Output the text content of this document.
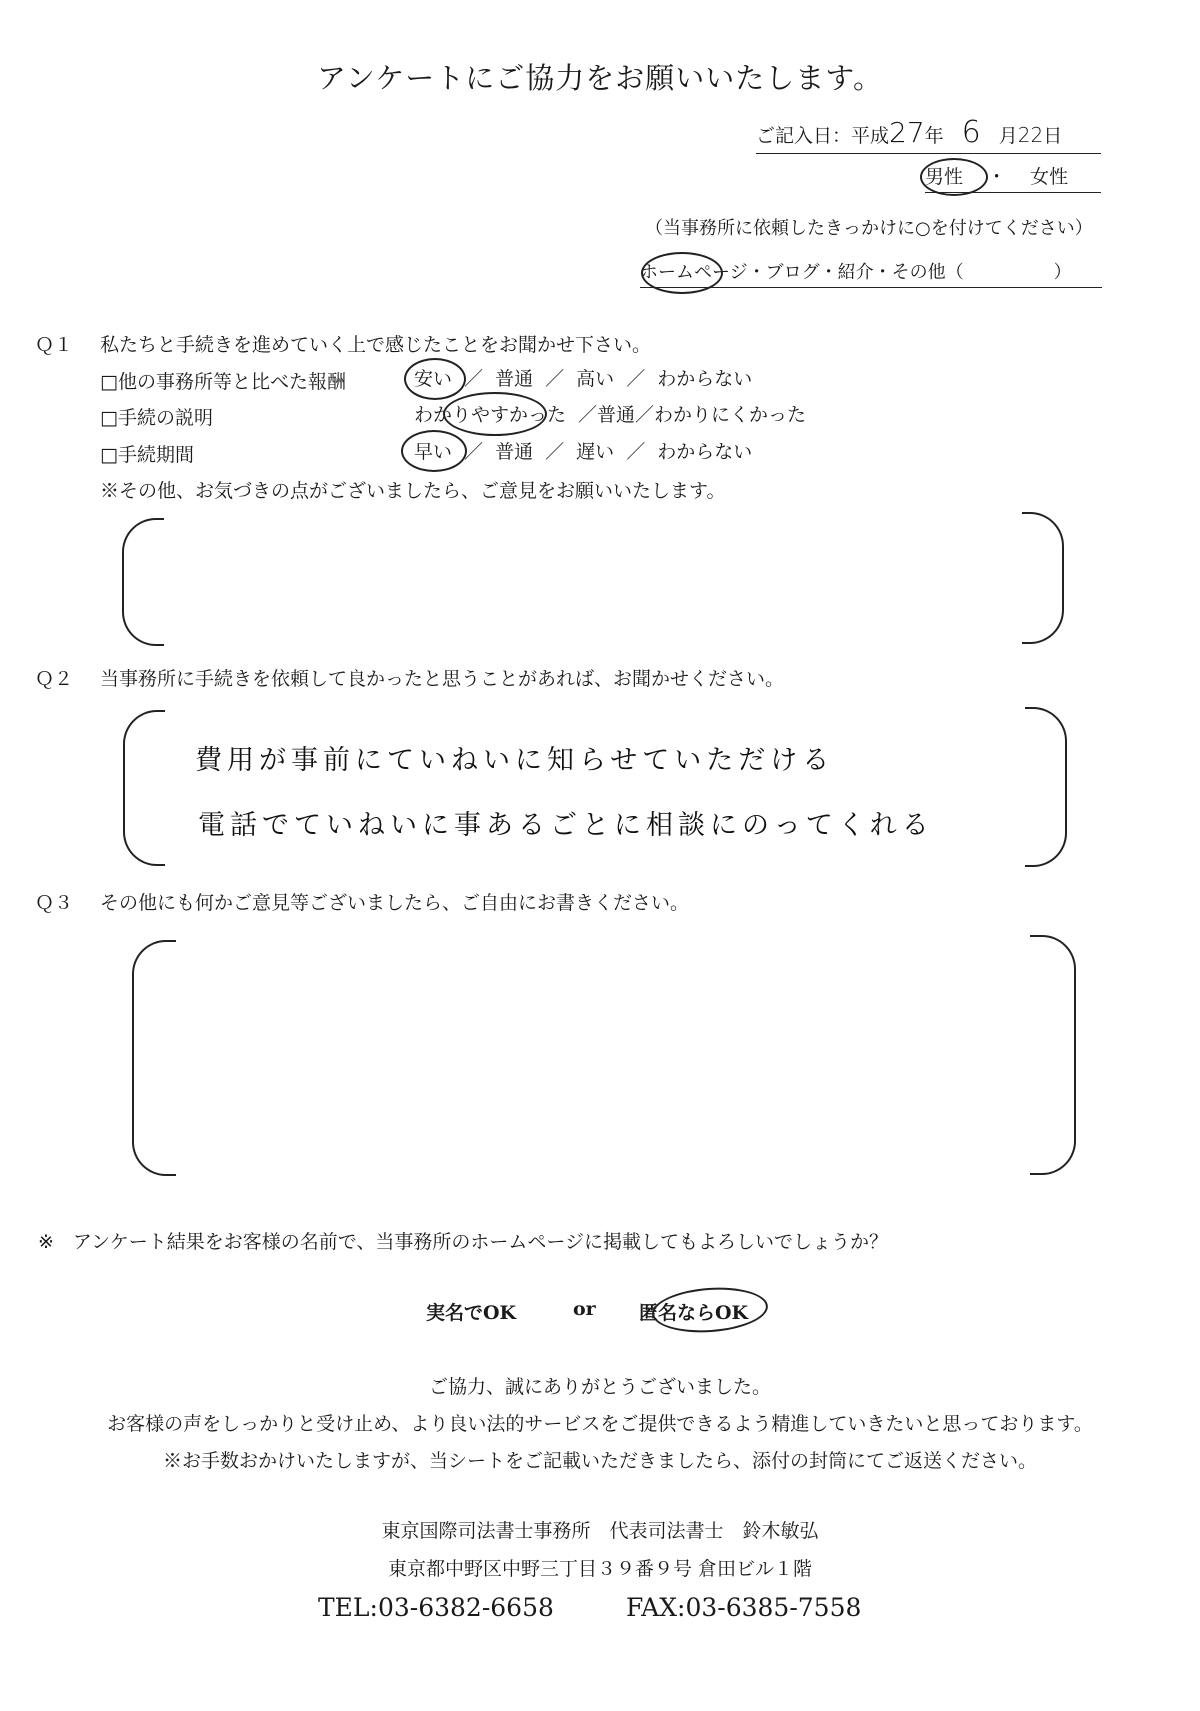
アンケートにご協力をお願いいたします。
ご記入日：平成27年 6 月22日
男性 ・ 女性
（当事務所に依頼したきっかけに○を付けてください）
ホームページ・ブログ・紹介・その他（　　　　　）
Ｑ１ 私たちと手続きを進めていく上で感じたことをお聞かせ下さい。
□他の事務所等と比べた報酬	安い ／ 普通 ／ 高い ／ わからない
□手続の説明	わかりやすかった ／普通／わかりにくかった
□手続期間	早い ／ 普通 ／ 遅い ／ わからない
※その他、お気づきの点がございましたら、ご意見をお願いいたします。
Ｑ２ 当事務所に手続きを依頼して良かったと思うことがあれば、お聞かせください。
費用が事前にていねいに知らせていただける
電話でていねいに事あるごとに相談にのってくれる
Ｑ３ その他にも何かご意見等ございましたら、ご自由にお書きください。
※　アンケート結果をお客様の名前で、当事務所のホームページに掲載してもよろしいでしょうか？
実名でOK	or 匿名ならOK
ご協力、誠にありがとうございました。
お客様の声をしっかりと受け止め、より良い法的サービスをご提供できるよう精進していきたいと思っております。
※お手数おかけいたしますが、当シートをご記載いただきましたら、添付の封筒にてご返送ください。
東京国際司法書士事務所　代表司法書士　鈴木敏弘
東京都中野区中野三丁目３９番９号 倉田ビル１階
TEL:03-6382-6658	FAX:03-6385-7558
